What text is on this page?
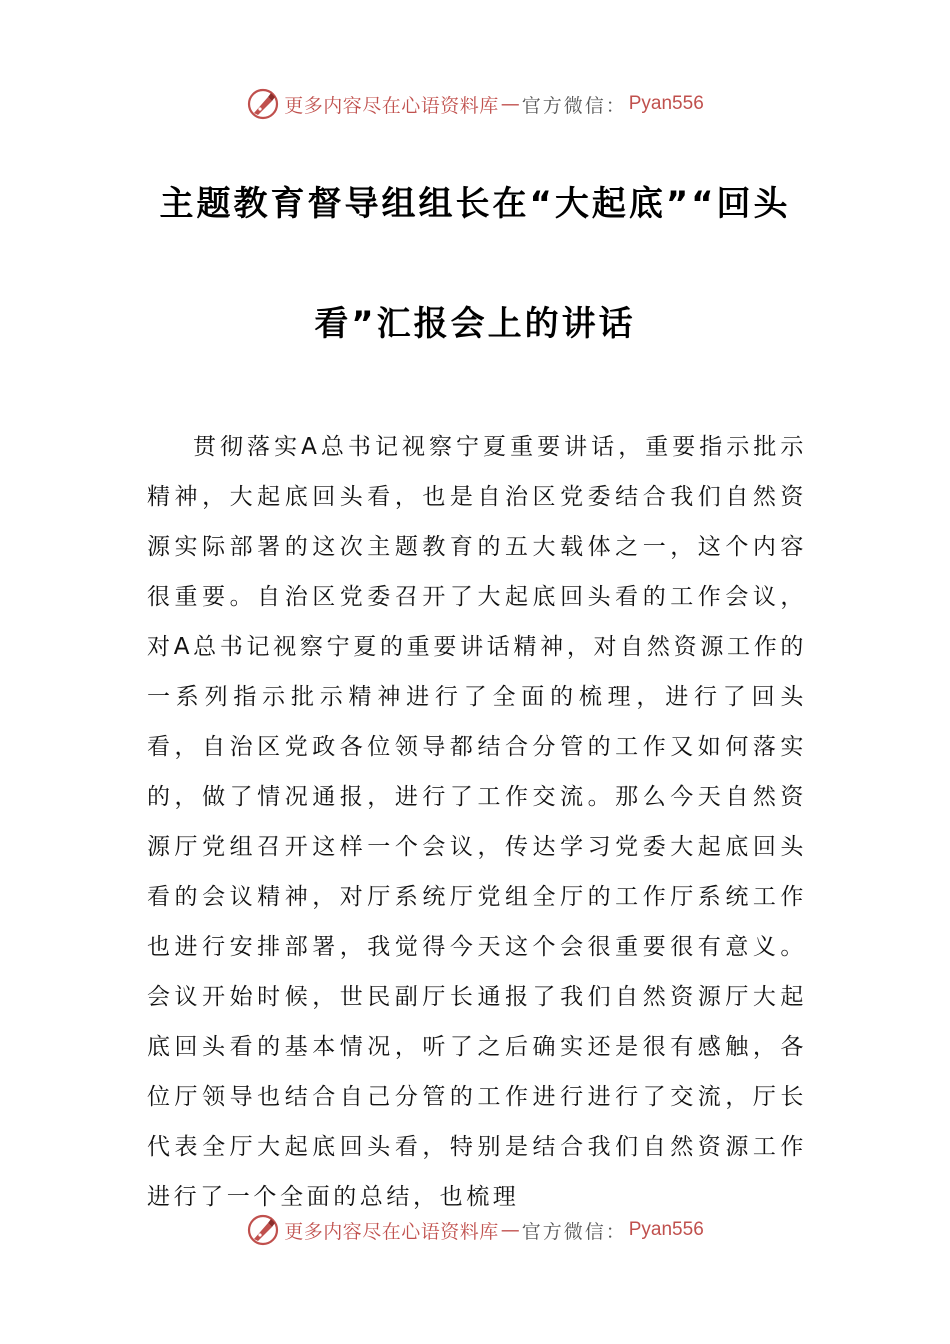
更多内容尽在心语资料库 — 官方微信： Pyan556
主题教育督导组组长在“大起底”“回头
看”汇报会上的讲话

贯彻落实A总书记视察宁夏重要讲话，重要指示批示精神，大起底回头看，也是自治区党委结合我们自然资源实际部署的这次主题教育的五大载体之一，这个内容很重要。自治区党委召开了大起底回头看的工作会议，对A总书记视察宁夏的重要讲话精神，对自然资源工作的一系列指示批示精神进行了全面的梳理，进行了回头看，自治区党政各位领导都结合分管的工作又如何落实的，做了情况通报，进行了工作交流。那么今天自然资源厅党组召开这样一个会议，传达学习党委大起底回头看的会议精神，对厅系统厅党组全厅的工作厅系统工作也进行安排部署，我觉得今天这个会很重要很有意义。会议开始时候，世民副厅长通报了我们自然资源厅大起底回头看的基本情况，听了之后确实还是很有感触，各位厅领导也结合自己分管的工作进行进行了交流，厅长代表全厅大起底回头看，特别是结合我们自然资源工作进行了一个全面的总结，也梳理

更多内容尽在心语资料库 — 官方微信： Pyan556
